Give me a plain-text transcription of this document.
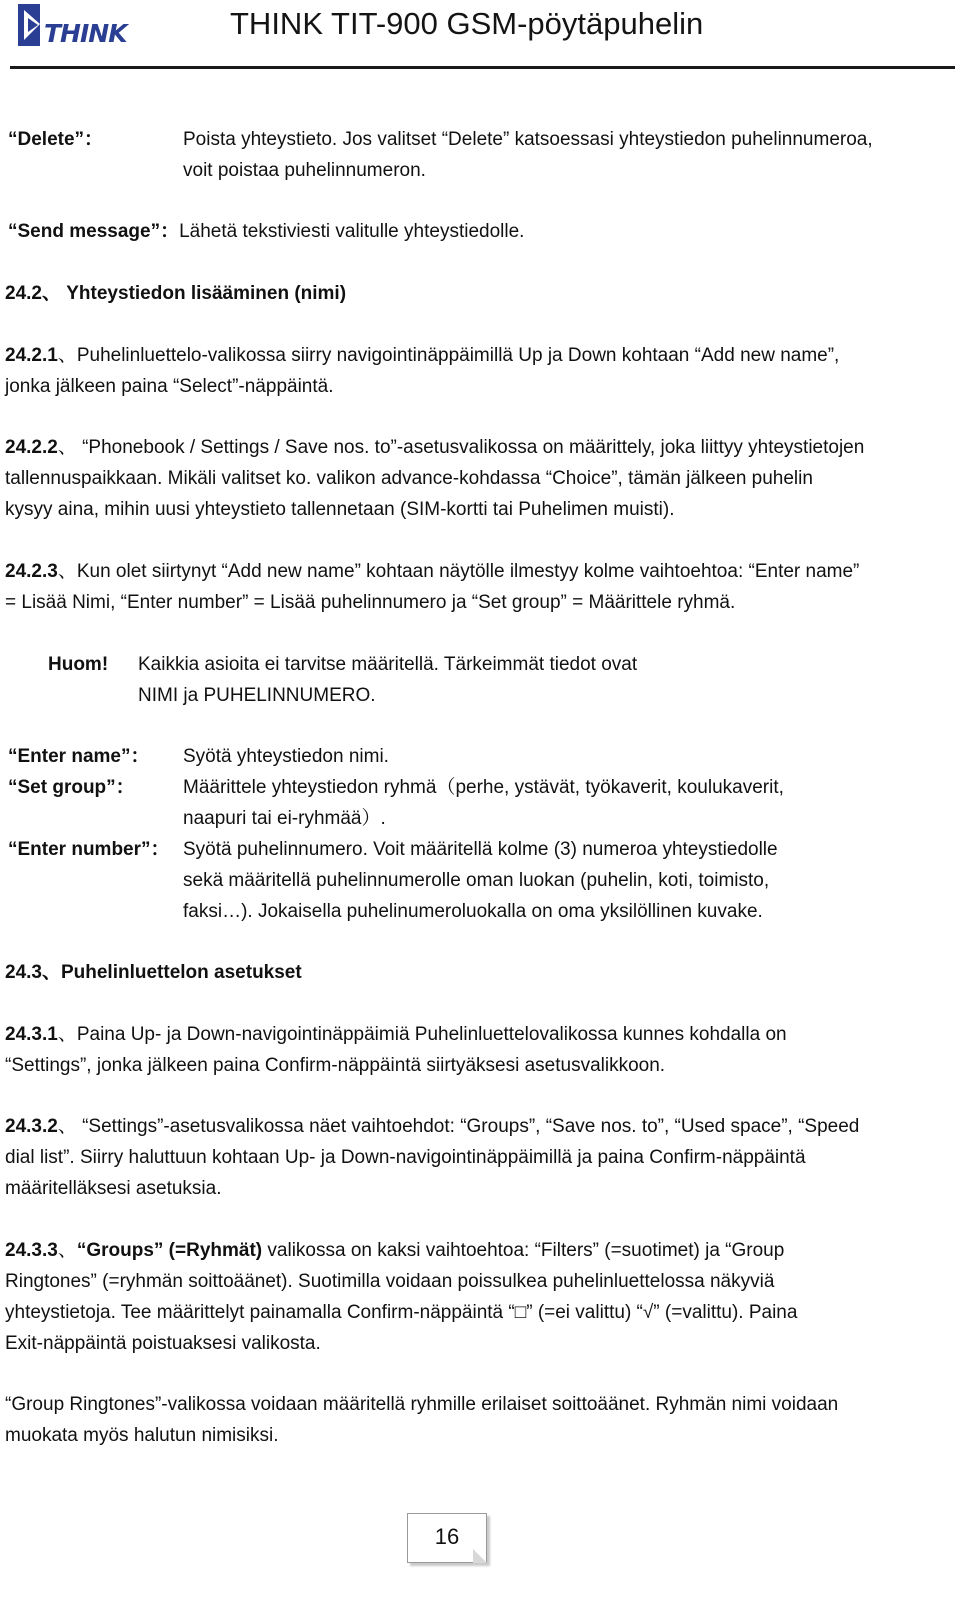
THINK	THINK TIT-900 GSM-pöytäpuhelin
“Delete”：	Poista yhteystieto. Jos valitset “Delete” katsoessasi yhteystiedon puhelinnumeroa,
voit poistaa puhelinnumeron.
“Send message”：Lähetä tekstiviesti valitulle yhteystiedolle.
24.2、 Yhteystiedon lisääminen (nimi)
24.2.1、Puhelinluettelo-valikossa siirry navigointinäppäimillä Up ja Down kohtaan “Add new name”,
jonka jälkeen paina “Select”-näppäintä.
24.2.2、 “Phonebook / Settings / Save nos. to”-asetusvalikossa on määrittely, joka liittyy yhteystietojen
tallennuspaikkaan. Mikäli valitset ko. valikon advance-kohdassa “Choice”, tämän jälkeen puhelin
kysyy aina, mihin uusi yhteystieto tallennetaan (SIM-kortti tai Puhelimen muisti).
24.2.3、Kun olet siirtynyt “Add new name” kohtaan näytölle ilmestyy kolme vaihtoehtoa: “Enter name”
= Lisää Nimi, “Enter number” = Lisää puhelinnumero ja “Set group” = Määrittele ryhmä.
Huom! Kaikkia asioita ei tarvitse määritellä. Tärkeimmät tiedot ovat
NIMI ja PUHELINNUMERO.
“Enter name”： Syötä yhteystiedon nimi.
“Set group”：	Määrittele yhteystiedon ryhmä（perhe, ystävät, työkaverit, koulukaverit,
naapuri tai ei-ryhmää）.
“Enter number”： Syötä puhelinnumero. Voit määritellä kolme (3) numeroa yhteystiedolle
sekä määritellä puhelinnumerolle oman luokan (puhelin, koti, toimisto,
faksi…). Jokaisella puhelinumeroluokalla on oma yksilöllinen kuvake.
24.3、Puhelinluettelon asetukset
24.3.1、Paina Up- ja Down-navigointinäppäimiä Puhelinluettelovalikossa kunnes kohdalla on
“Settings”, jonka jälkeen paina Confirm-näppäintä siirtyäksesi asetusvalikkoon.
24.3.2、 “Settings”-asetusvalikossa näet vaihtoehdot: “Groups”, “Save nos. to”, “Used space”, “Speed
dial list”. Siirry haluttuun kohtaan Up- ja Down-navigointinäppäimillä ja paina Confirm-näppäintä
määritelläksesi asetuksia.
24.3.3、“Groups” (=Ryhmät) valikossa on kaksi vaihtoehtoa: “Filters” (=suotimet) ja “Group
Ringtones” (=ryhmän soittoäänet). Suotimilla voidaan poissulkea puhelinluettelossa näkyviä
yhteystietoja. Tee määrittelyt painamalla Confirm-näppäintä “□” (=ei valittu) “√” (=valittu). Paina
Exit-näppäintä poistuaksesi valikosta.
“Group Ringtones”-valikossa voidaan määritellä ryhmille erilaiset soittoäänet. Ryhmän nimi voidaan
muokata myös halutun nimisiksi.
16
